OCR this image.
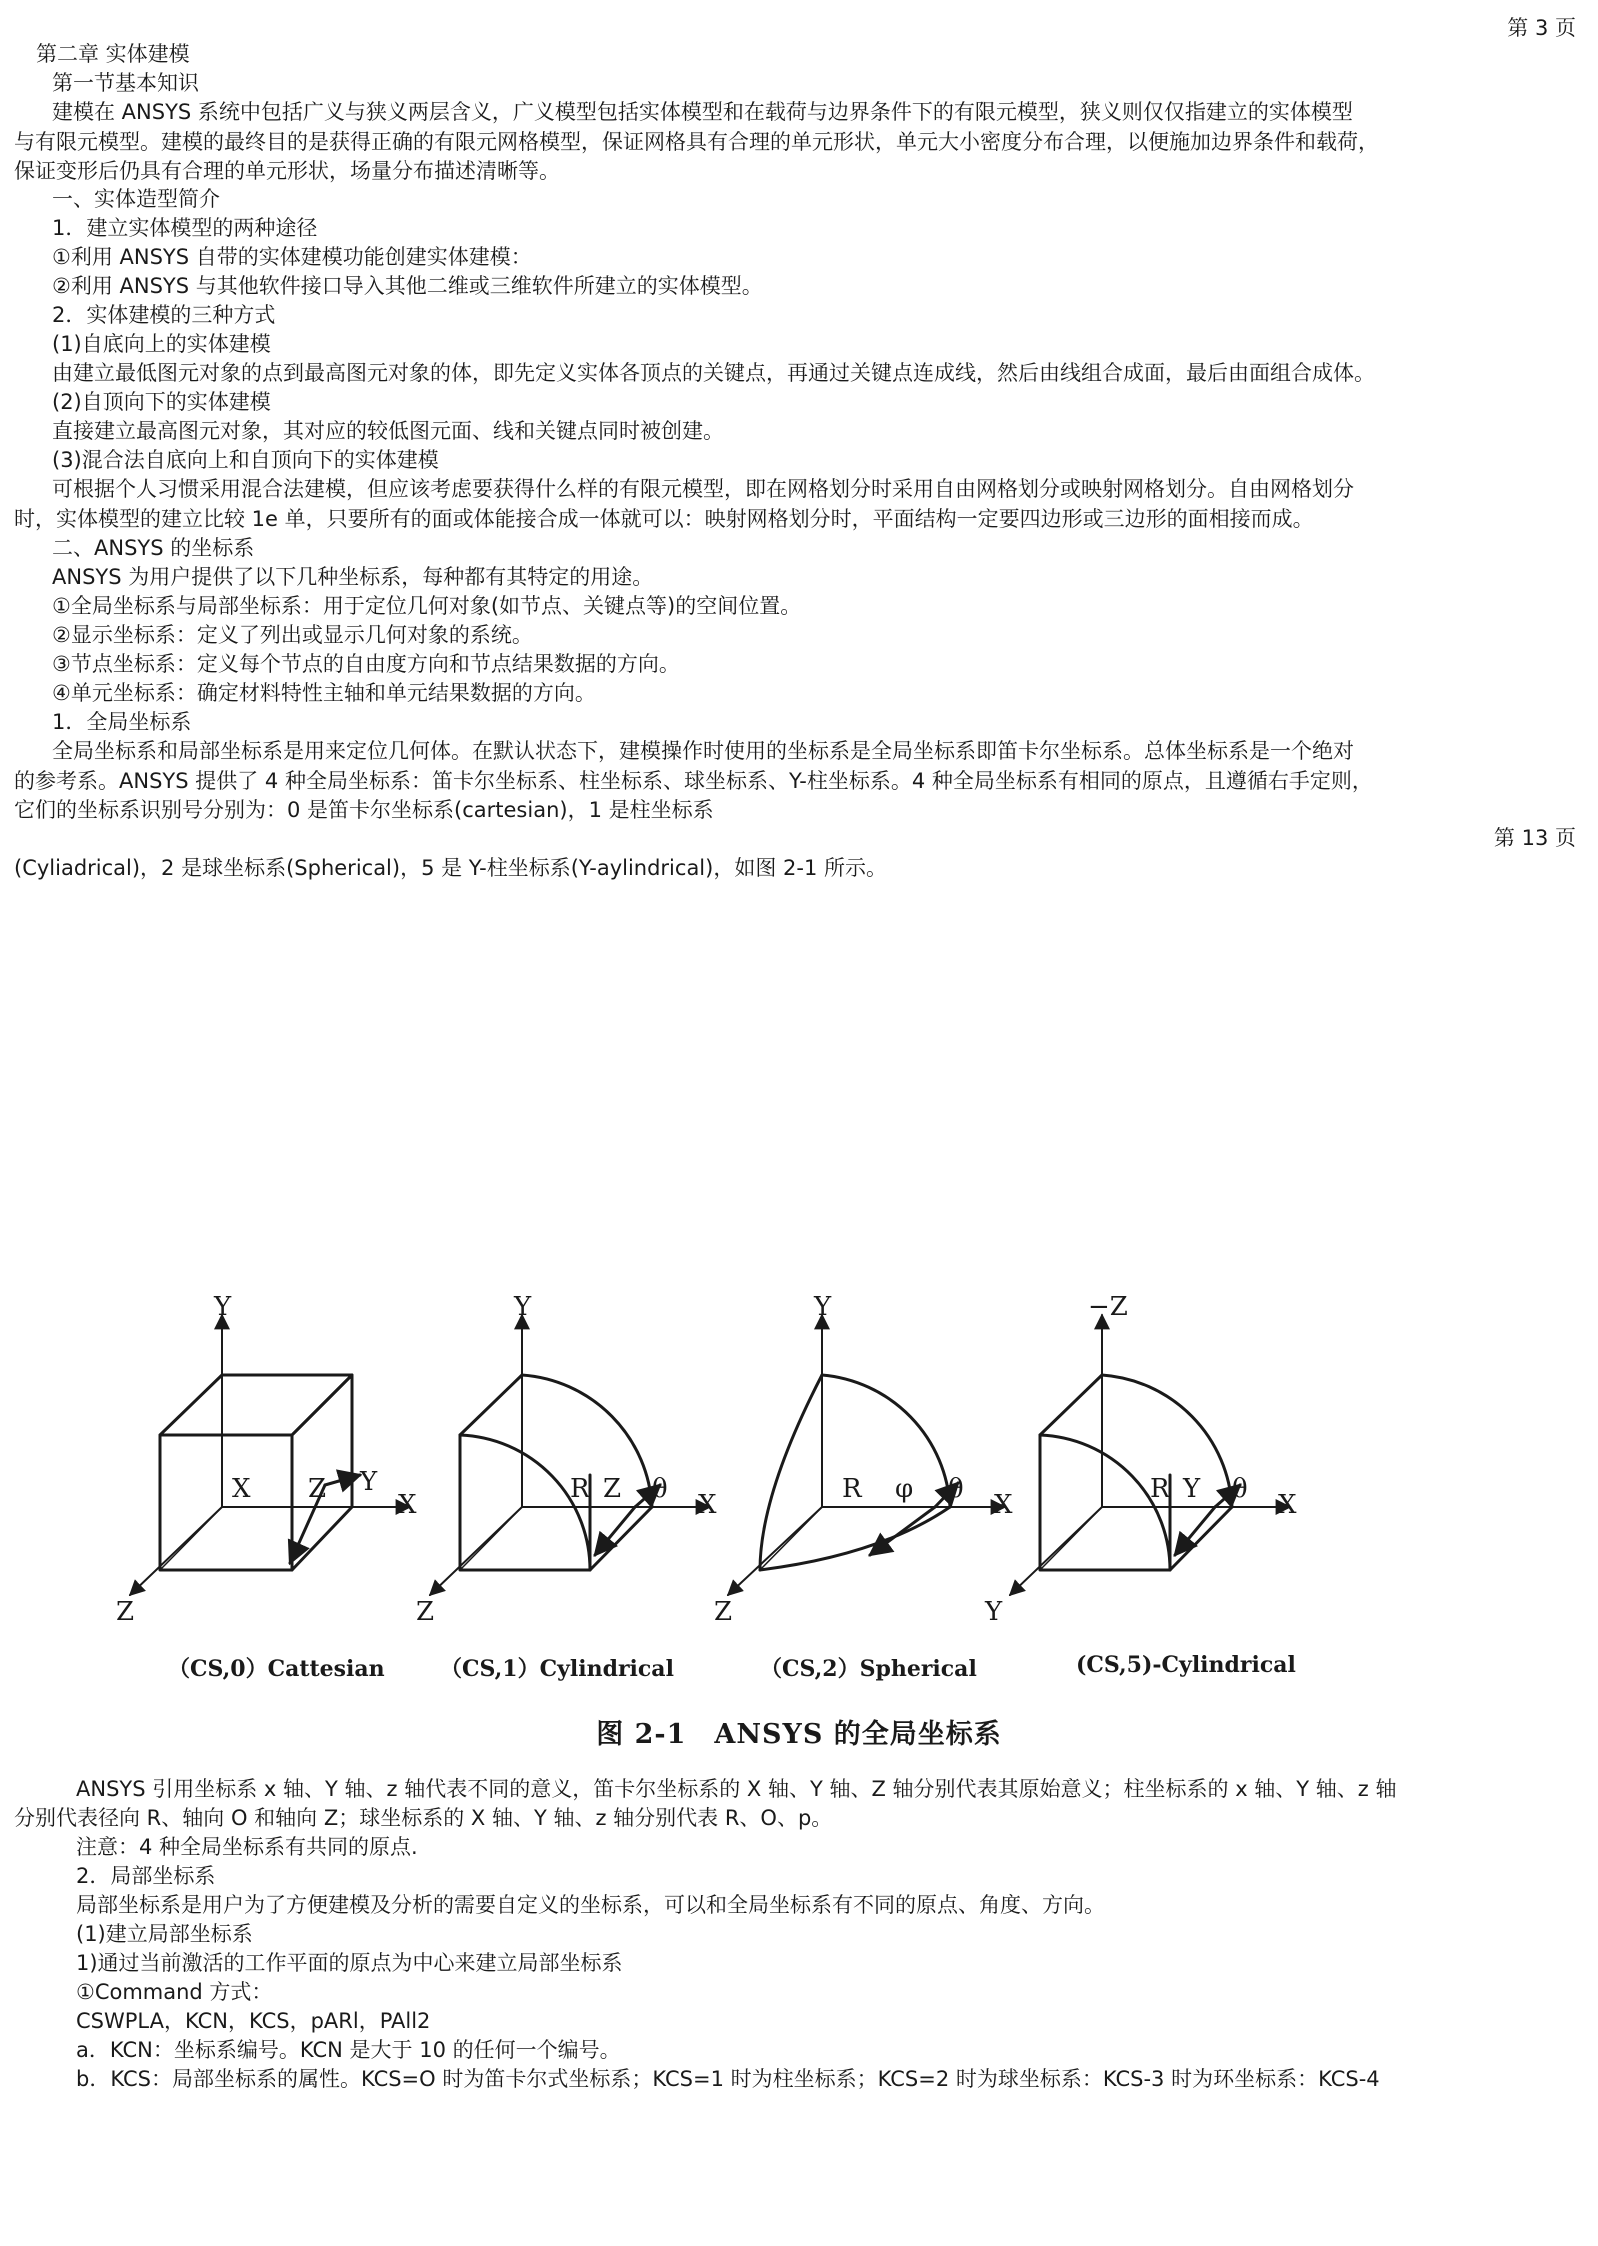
第 3 页
第二章 实体建模
第一节基本知识
建模在 ANSYS 系统中包括广义与狭义两层含义，广义模型包括实体模型和在载荷与边界条件下的有限元模型，狭义则仅仅指建立的实体模型
与有限元模型。建模的最终目的是获得正确的有限元网格模型，保证网格具有合理的单元形状，单元大小密度分布合理，以便施加边界条件和载荷，
保证变形后仍具有合理的单元形状，场量分布描述清晰等。
一、实体造型简介
1．建立实体模型的两种途径
①利用 ANSYS 自带的实体建模功能创建实体建模：
②利用 ANSYS 与其他软件接口导入其他二维或三维软件所建立的实体模型。
2．实体建模的三种方式
(1)自底向上的实体建模
由建立最低图元对象的点到最高图元对象的体，即先定义实体各顶点的关键点，再通过关键点连成线，然后由线组合成面，最后由面组合成体。
(2)自顶向下的实体建模
直接建立最高图元对象，其对应的较低图元面、线和关键点同时被创建。
(3)混合法自底向上和自顶向下的实体建模
可根据个人习惯采用混合法建模，但应该考虑要获得什么样的有限元模型，即在网格划分时采用自由网格划分或映射网格划分。自由网格划分
时，实体模型的建立比较 1e 单，只要所有的面或体能接合成一体就可以：映射网格划分时，平面结构一定要四边形或三边形的面相接而成。
二、ANSYS 的坐标系
ANSYS 为用户提供了以下几种坐标系，每种都有其特定的用途。
①全局坐标系与局部坐标系：用于定位几何对象(如节点、关键点等)的空间位置。
②显示坐标系：定义了列出或显示几何对象的系统。
③节点坐标系：定义每个节点的自由度方向和节点结果数据的方向。
④单元坐标系：确定材料特性主轴和单元结果数据的方向。
1．全局坐标系
全局坐标系和局部坐标系是用来定位几何体。在默认状态下，建模操作时使用的坐标系是全局坐标系即笛卡尔坐标系。总体坐标系是一个绝对
的参考系。ANSYS 提供了 4 种全局坐标系：笛卡尔坐标系、柱坐标系、球坐标系、Y-柱坐标系。4 种全局坐标系有相同的原点，且遵循右手定则，
它们的坐标系识别号分别为：0 是笛卡尔坐标系(cartesian)，1 是柱坐标系
第 13 页
(Cyliadrical)，2 是球坐标系(Spherical)，5 是 Y-柱坐标系(Y-aylindrical)，如图 2-1 所示。
Y
X Z Y
X
Z
Y
R Z θ
X
Z
Y
R φ θ
X
Z
−Z
R Y θ
X
Y
（CS,0）Cattesian	（CS,1）Cylindrical	（CS,2）Spherical	(CS,5)-Cylindrical
图 2-1　ANSYS 的全局坐标系
ANSYS 引用坐标系 x 轴、Y 轴、z 轴代表不同的意义，笛卡尔坐标系的 X 轴、Y 轴、Z 轴分别代表其原始意义；柱坐标系的 x 轴、Y 轴、z 轴
分别代表径向 R、轴向 O 和轴向 Z；球坐标系的 X 轴、Y 轴、z 轴分别代表 R、O、p。
注意：4 种全局坐标系有共同的原点.
2．局部坐标系
局部坐标系是用户为了方便建模及分析的需要自定义的坐标系，可以和全局坐标系有不同的原点、角度、方向。
(1)建立局部坐标系
1)通过当前激活的工作平面的原点为中心来建立局部坐标系
①Command 方式：
CSWPLA，KCN，KCS，pARl，PAll2
a．KCN：坐标系编号。KCN 是大于 10 的任何一个编号。
b．KCS：局部坐标系的属性。KCS=O 时为笛卡尔式坐标系；KCS=1 时为柱坐标系；KCS=2 时为球坐标系：KCS-3 时为环坐标系：KCS-4
